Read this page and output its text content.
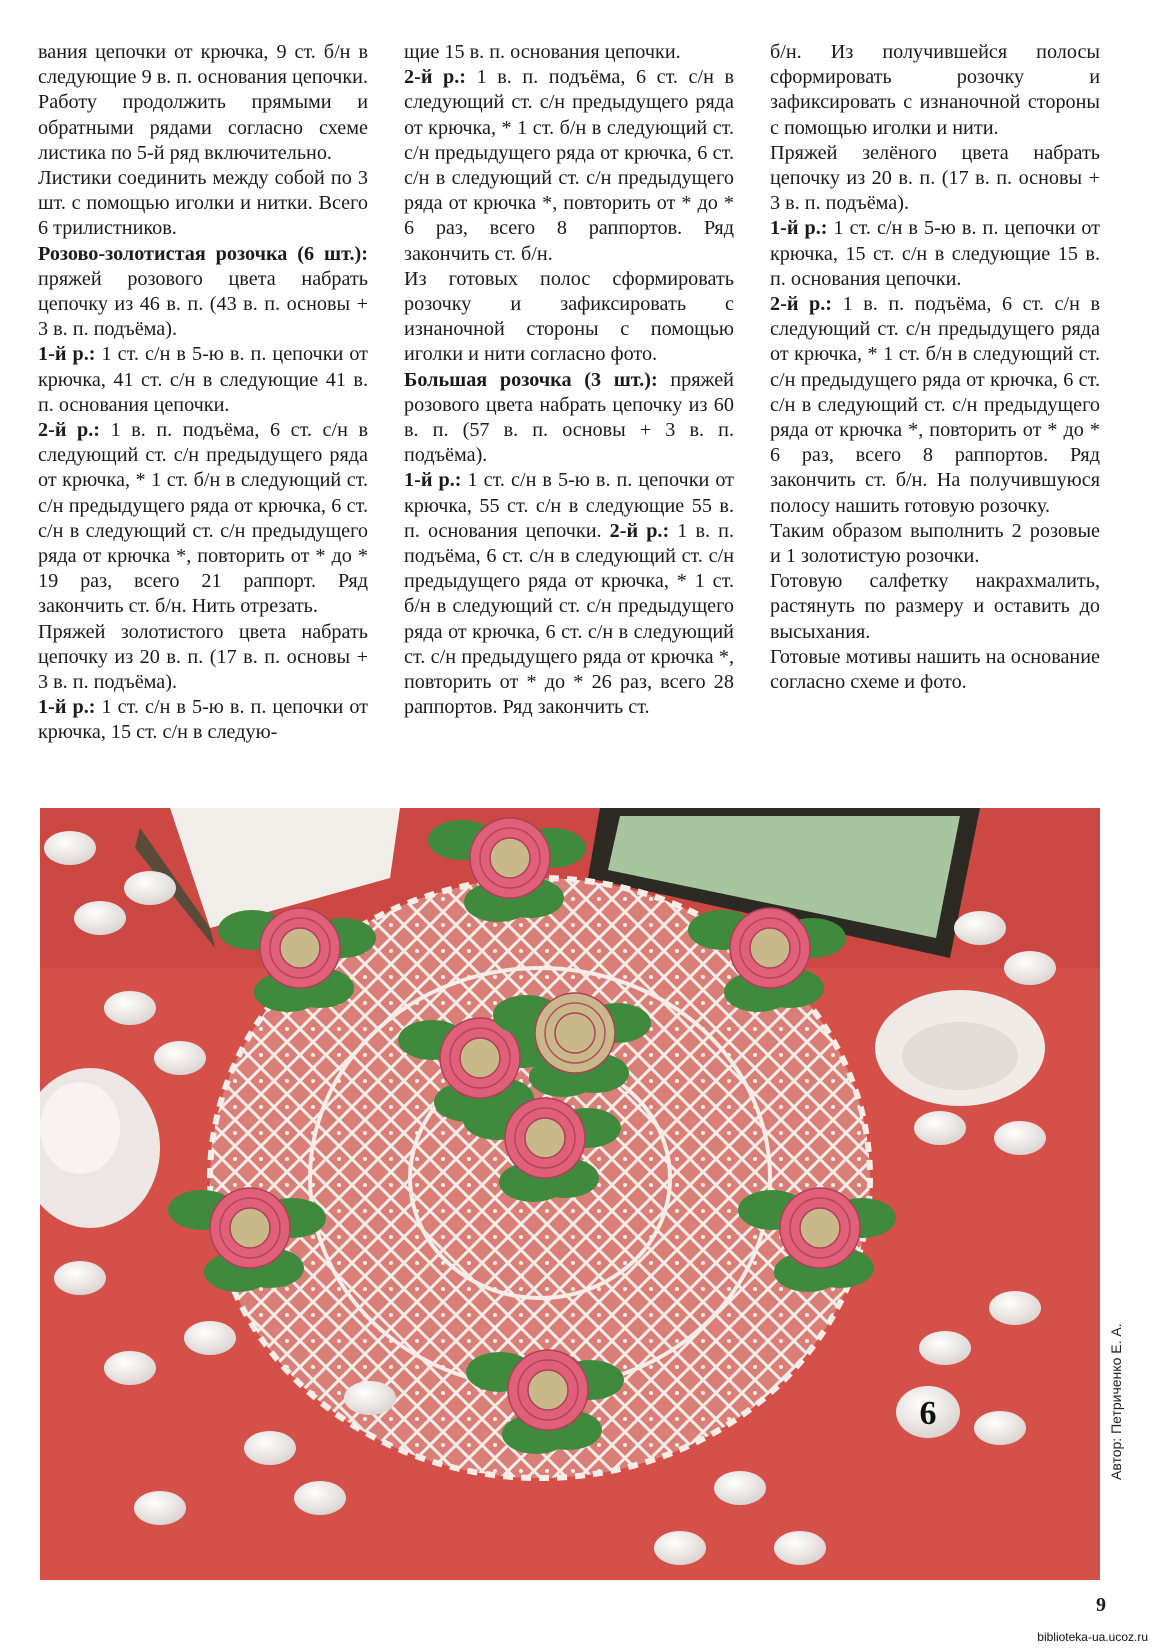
вания цепочки от крючка, 9 ст. б/н в следующие 9 в. п. основания цепочки. Работу продолжить прямыми и обратными рядами согласно схеме листика по 5-й ряд включительно.

Листики соединить между собой по 3 шт. с помощью иголки и нитки. Всего 6 трилистников.

Розово-золотистая розочка (6 шт.): пряжей розового цвета набрать цепочку из 46 в. п. (43 в. п. основы + 3 в. п. подъёма).

1-й р.: 1 ст. с/н в 5-ю в. п. цепочки от крючка, 41 ст. с/н в следующие 41 в. п. основания цепочки.

2-й р.: 1 в. п. подъёма, 6 ст. с/н в следующий ст. с/н предыдущего ряда от крючка, * 1 ст. б/н в следующий ст. с/н предыдущего ряда от крючка, 6 ст. с/н в следующий ст. с/н предыдущего ряда от крючка *, повторить от * до * 19 раз, всего 21 раппорт. Ряд закончить ст. б/н. Нить отрезать.

Пряжей золотистого цвета набрать цепочку из 20 в. п. (17 в. п. основы + 3 в. п. подъёма).

1-й р.: 1 ст. с/н в 5-ю в. п. цепочки от крючка, 15 ст. с/н в следую-

щие 15 в. п. основания цепочки.

2-й р.: 1 в. п. подъёма, 6 ст. с/н в следующий ст. с/н предыдущего ряда от крючка, * 1 ст. б/н в следующий ст. с/н предыдущего ряда от крючка, 6 ст. с/н в следующий ст. с/н предыдущего ряда от крючка *, повторить от * до * 6 раз, всего 8 раппортов. Ряд закончить ст. б/н.

Из готовых полос сформировать розочку и зафиксировать с изнаночной стороны с помощью иголки и нити согласно фото.

Большая розочка (3 шт.): пряжей розового цвета набрать цепочку из 60 в. п. (57 в. п. основы + 3 в. п. подъёма).

1-й р.: 1 ст. с/н в 5-ю в. п. цепочки от крючка, 55 ст. с/н в следующие 55 в. п. основания цепочки. 2-й р.: 1 в. п. подъёма, 6 ст. с/н в следующий ст. с/н предыдущего ряда от крючка, * 1 ст. б/н в следующий ст. с/н предыдущего ряда от крючка, 6 ст. с/н в следующий ст. с/н предыдущего ряда от крючка *, повторить от * до * 26 раз, всего 28 раппортов. Ряд закончить ст.

б/н. Из получившейся полосы сформировать розочку и зафиксировать с изнаночной стороны с помощью иголки и нити.

Пряжей зелёного цвета набрать цепочку из 20 в. п. (17 в. п. основы + 3 в. п. подъёма).

1-й р.: 1 ст. с/н в 5-ю в. п. цепочки от крючка, 15 ст. с/н в следующие 15 в. п. основания цепочки.

2-й р.: 1 в. п. подъёма, 6 ст. с/н в следующий ст. с/н предыдущего ряда от крючка, * 1 ст. б/н в следующий ст. с/н предыдущего ряда от крючка, 6 ст. с/н в следующий ст. с/н предыдущего ряда от крючка *, повторить от * до * 6 раз, всего 8 раппортов. Ряд закончить ст. б/н. На получившуюся полосу нашить готовую розочку.

Таким образом выполнить 2 розовые и 1 золотистую розочки.

Готовую салфетку накрахмалить, растянуть по размеру и оставить до высыхания.

Готовые мотивы нашить на основание согласно схеме и фото.

6	Автор: Петриченко Е. А.
9
biblioteka-ua.ucoz.ru
